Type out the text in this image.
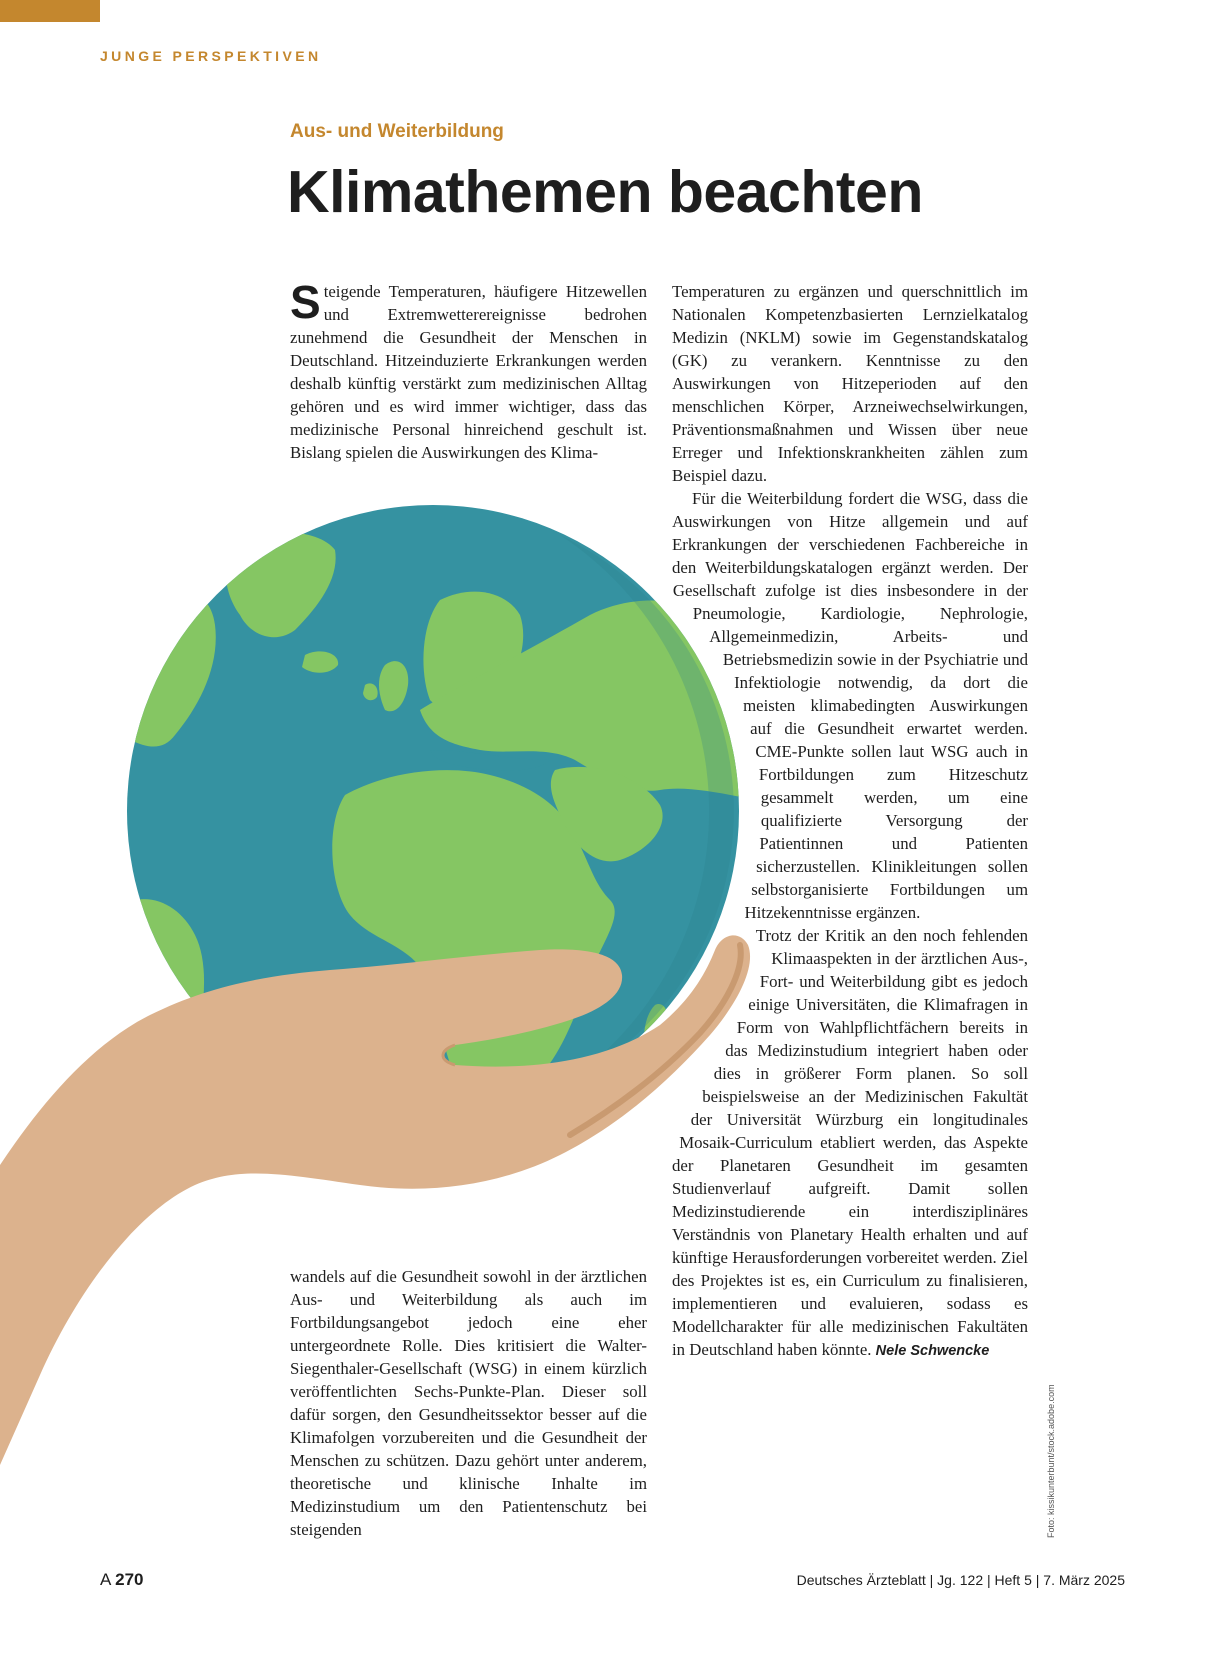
JUNGE PERSPEKTIVEN
Aus- und Weiterbildung
Klimathemen beachten

Steigende Temperaturen, häufigere Hitzewellen und Extremwetterereignisse bedrohen zunehmend die Gesundheit der Menschen in Deutschland. Hitzeinduzierte Erkrankungen werden deshalb künftig verstärkt zum medizinischen Alltag gehören und es wird immer wichtiger, dass das medizinische Personal hinreichend geschult ist. Bislang spielen die Auswirkungen des Klima-

wandels auf die Gesundheit sowohl in der ärztlichen Aus- und Weiterbildung als auch im Fortbildungsangebot jedoch eine eher untergeordnete Rolle. Dies kritisiert die Walter-Siegenthaler-Gesellschaft (WSG) in einem kürzlich veröffentlichten Sechs-Punkte-Plan. Dieser soll dafür sorgen, den Gesundheitssektor besser auf die Klimafolgen vorzubereiten und die Gesundheit der Menschen zu schützen. Dazu gehört unter anderem, theoretische und klinische Inhalte im Medizinstudium um den Patientenschutz bei steigenden

Temperaturen zu ergänzen und querschnittlich im Nationalen Kompetenzbasierten Lernzielkatalog Medizin (NKLM) sowie im Gegenstandskatalog (GK) zu verankern. Kenntnisse zu den Auswirkungen von Hitzeperioden auf den menschlichen Körper, Arzneiwechselwirkungen, Präventionsmaßnahmen und Wissen über neue Erreger und Infektionskrankheiten zählen zum Beispiel dazu.

Für die Weiterbildung fordert die WSG, dass die Auswirkungen von Hitze allgemein und auf Erkrankungen der verschiedenen Fachbereiche in den Weiterbildungskatalogen ergänzt werden. Der Gesellschaft zufolge ist dies insbesondere in der Pneumologie, Kardiologie, Nephrologie, Allgemeinmedizin, Arbeits- und Betriebsmedizin sowie in der Psychiatrie und Infektiologie notwendig, da dort die meisten klimabedingten Auswirkungen auf die Gesundheit erwartet werden. CME-Punkte sollen laut WSG auch in Fortbildungen zum Hitzeschutz gesammelt werden, um eine qualifizierte Versorgung der Patientinnen und Patienten sicherzustellen. Klinikleitungen sollen selbstorganisierte Fortbildungen um Hitzekenntnisse ergänzen.

Trotz der Kritik an den noch fehlenden Klimaaspekten in der ärztlichen Aus-, Fort- und Weiterbildung gibt es jedoch einige Universitäten, die Klimafragen in Form von Wahlpflichtfächern bereits in das Medizinstudium integriert haben oder dies in größerer Form planen. So soll beispielsweise an der Medizinischen Fakultät der Universität Würzburg ein longitudinales Mosaik-Curriculum etabliert werden, das Aspekte der Planetaren Gesundheit im gesamten Studienverlauf aufgreift. Damit sollen Medizinstudierende ein interdisziplinäres Verständnis von Planetary Health erhalten und auf künftige Herausforderungen vorbereitet werden. Ziel des Projektes ist es, ein Curriculum zu finalisieren, implementieren und evaluieren, sodass es Modellcharakter für alle medizinischen Fakultäten in Deutschland haben könnte. Nele Schwencke

Foto: kissikunterbunt/stock.adobe.com
A 270	Deutsches Ärzteblatt | Jg. 122 | Heft 5 | 7. März 2025
